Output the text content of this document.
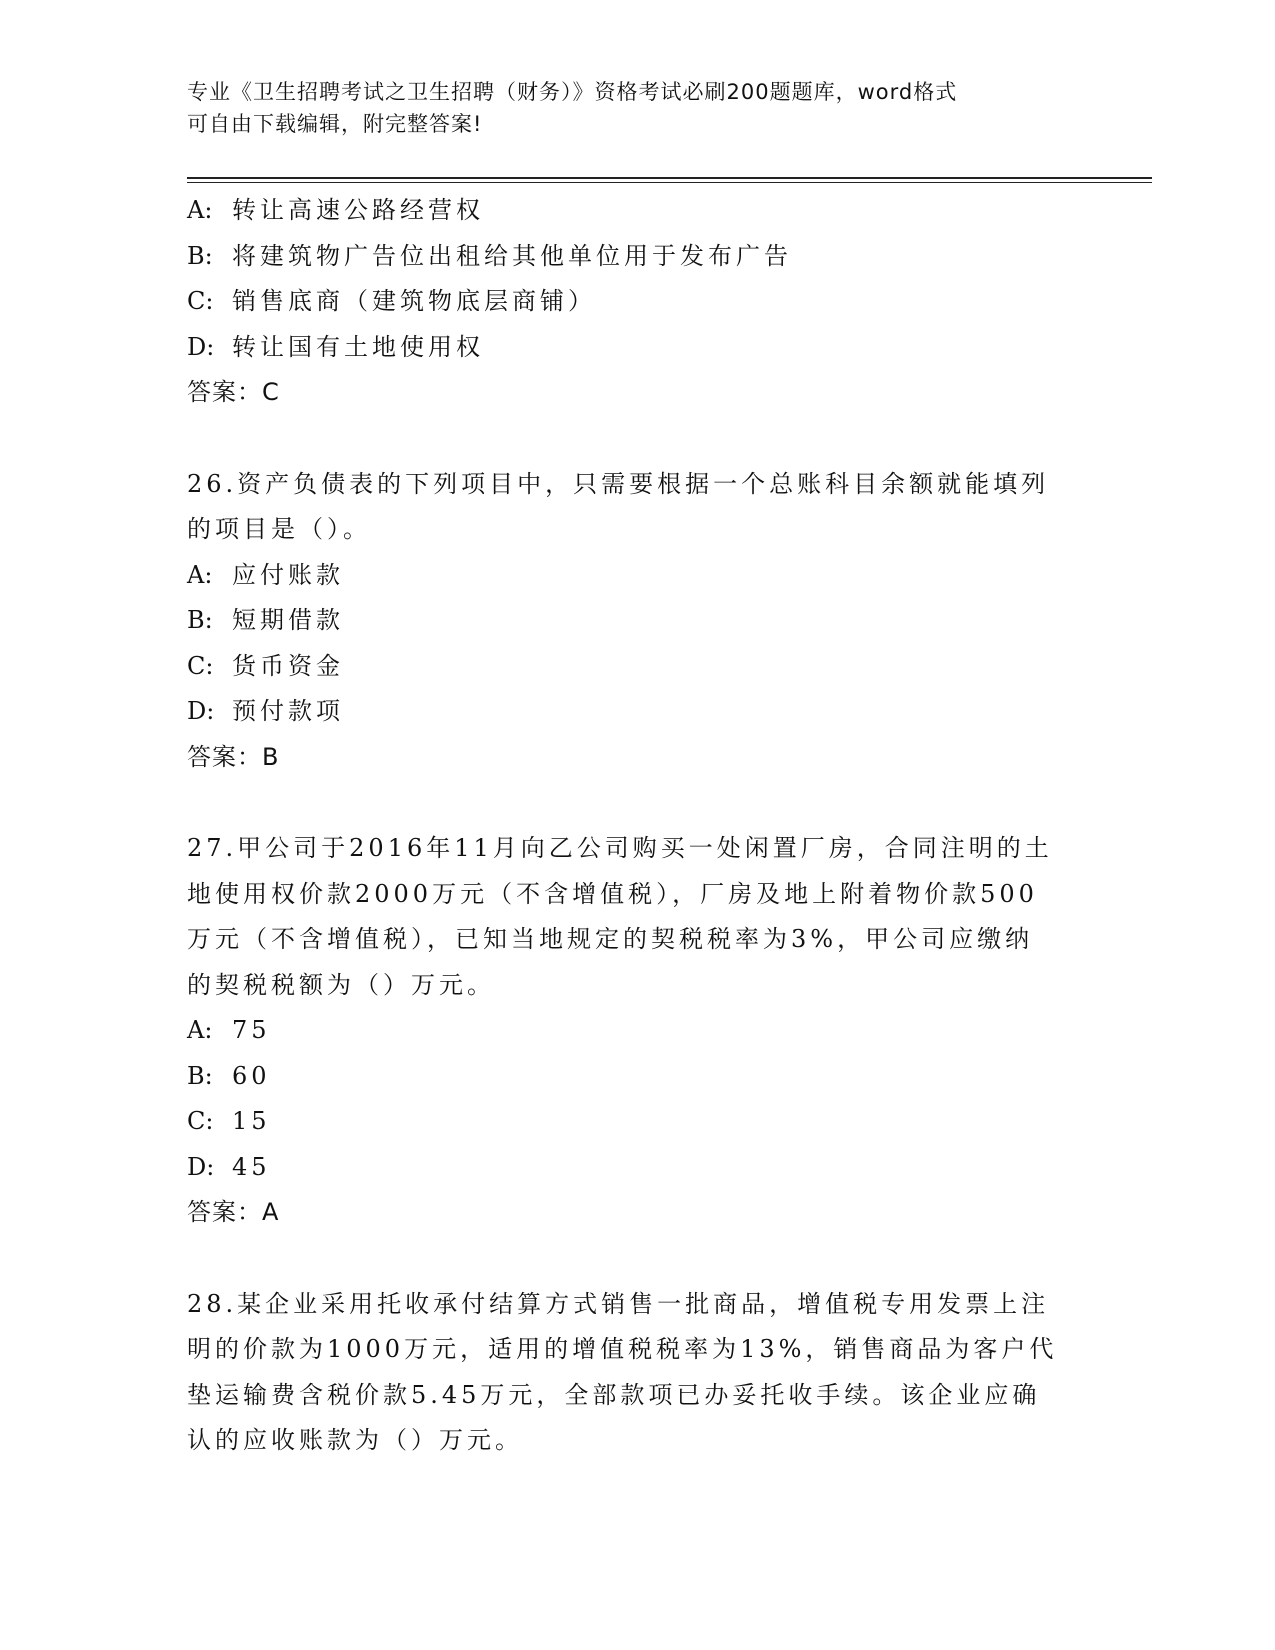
专业《卫生招聘考试之卫生招聘（财务）》资格考试必刷200题题库，word格式
可自由下载编辑，附完整答案!
A: 转让高速公路经营权
B: 将建筑物广告位出租给其他单位用于发布广告
C: 销售底商（建筑物底层商铺）
D: 转让国有土地使用权
答案：C
26.资产负债表的下列项目中，只需要根据一个总账科目余额就能填列
的项目是（）。
A: 应付账款
B: 短期借款
C: 货币资金
D: 预付款项
答案：B
27.甲公司于2016年11月向乙公司购买一处闲置厂房，合同注明的土
地使用权价款2000万元（不含增值税），厂房及地上附着物价款500
万元（不含增值税），已知当地规定的契税税率为3%，甲公司应缴纳
的契税税额为（）万元。
A: 75
B: 60
C: 15
D: 45
答案：A
28.某企业采用托收承付结算方式销售一批商品，增值税专用发票上注
明的价款为1000万元，适用的增值税税率为13%，销售商品为客户代
垫运输费含税价款5.45万元，全部款项已办妥托收手续。该企业应确
认的应收账款为（）万元。
